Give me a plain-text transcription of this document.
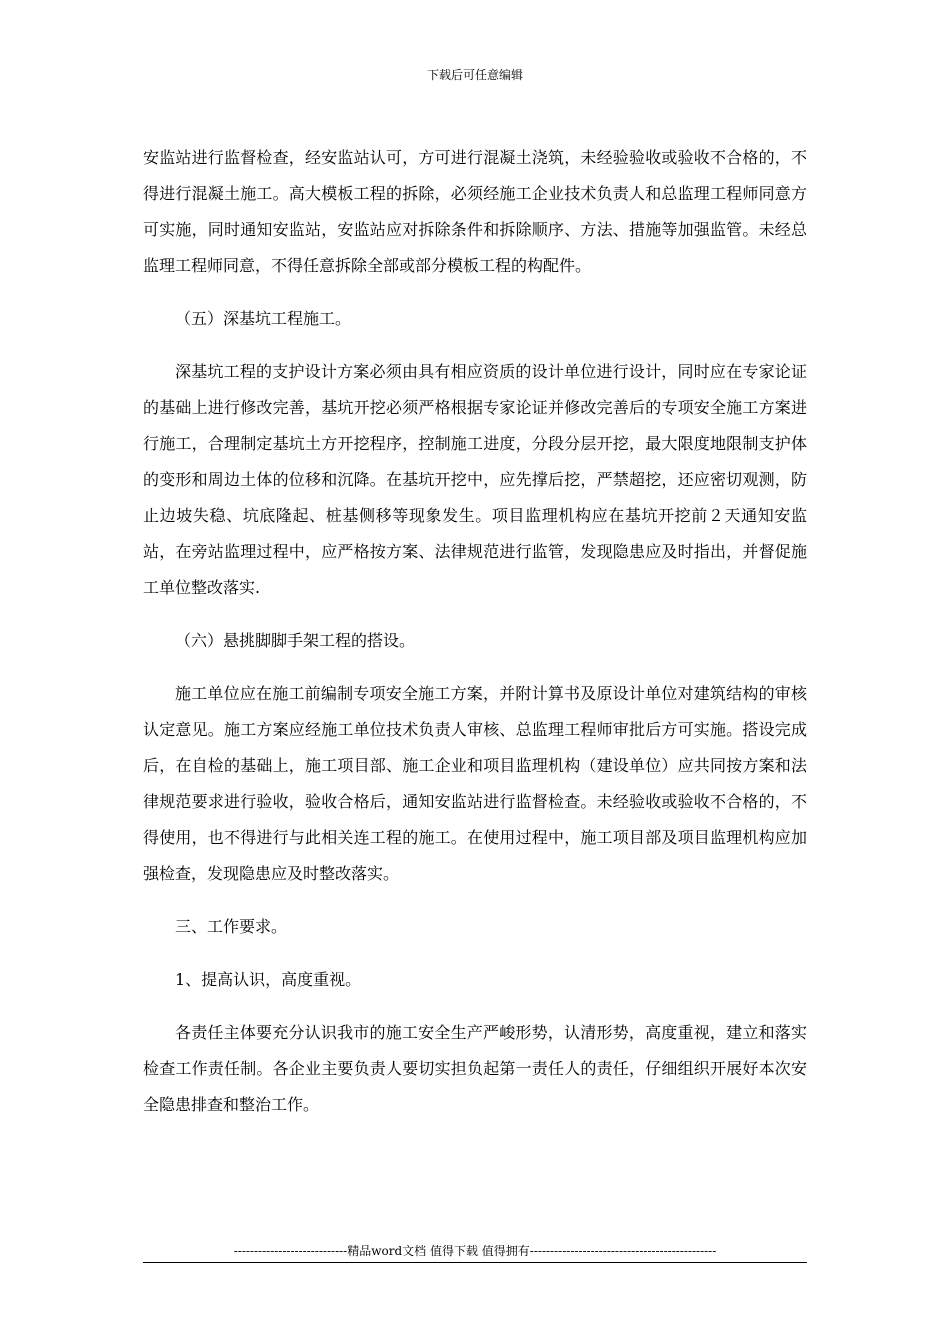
下载后可任意编辑

安监站进行监督检查，经安监站认可，方可进行混凝土浇筑，未经验验收或验收不合格的，不得进行混凝土施工。高大模板工程的拆除，必须经施工企业技术负责人和总监理工程师同意方可实施，同时通知安监站，安监站应对拆除条件和拆除顺序、方法、措施等加强监管。未经总监理工程师同意，不得任意拆除全部或部分模板工程的构配件。

（五）深基坑工程施工。

深基坑工程的支护设计方案必须由具有相应资质的设计单位进行设计，同时应在专家论证的基础上进行修改完善，基坑开挖必须严格根据专家论证并修改完善后的专项安全施工方案进行施工，合理制定基坑土方开挖程序，控制施工进度，分段分层开挖，最大限度地限制支护体的变形和周边土体的位移和沉降。在基坑开挖中，应先撑后挖，严禁超挖，还应密切观测，防止边坡失稳、坑底隆起、桩基侧移等现象发生。项目监理机构应在基坑开挖前２天通知安监站，在旁站监理过程中，应严格按方案、法律规范进行监管，发现隐患应及时指出，并督促施工单位整改落实.

（六）悬挑脚脚手架工程的搭设。

施工单位应在施工前编制专项安全施工方案，并附计算书及原设计单位对建筑结构的审核认定意见。施工方案应经施工单位技术负责人审核、总监理工程师审批后方可实施。搭设完成后，在自检的基础上，施工项目部、施工企业和项目监理机构（建设单位）应共同按方案和法律规范要求进行验收，验收合格后，通知安监站进行监督检查。未经验收或验收不合格的，不得使用，也不得进行与此相关连工程的施工。在使用过程中，施工项目部及项目监理机构应加强检查，发现隐患应及时整改落实。

三、工作要求。

1、提高认识，高度重视。

各责任主体要充分认识我市的施工安全生产严峻形势，认清形势，高度重视，建立和落实检查工作责任制。各企业主要负责人要切实担负起第一责任人的责任，仔细组织开展好本次安全隐患排查和整治工作。

----------------------------精品word文档 值得下载 值得拥有----------------------------------------------
